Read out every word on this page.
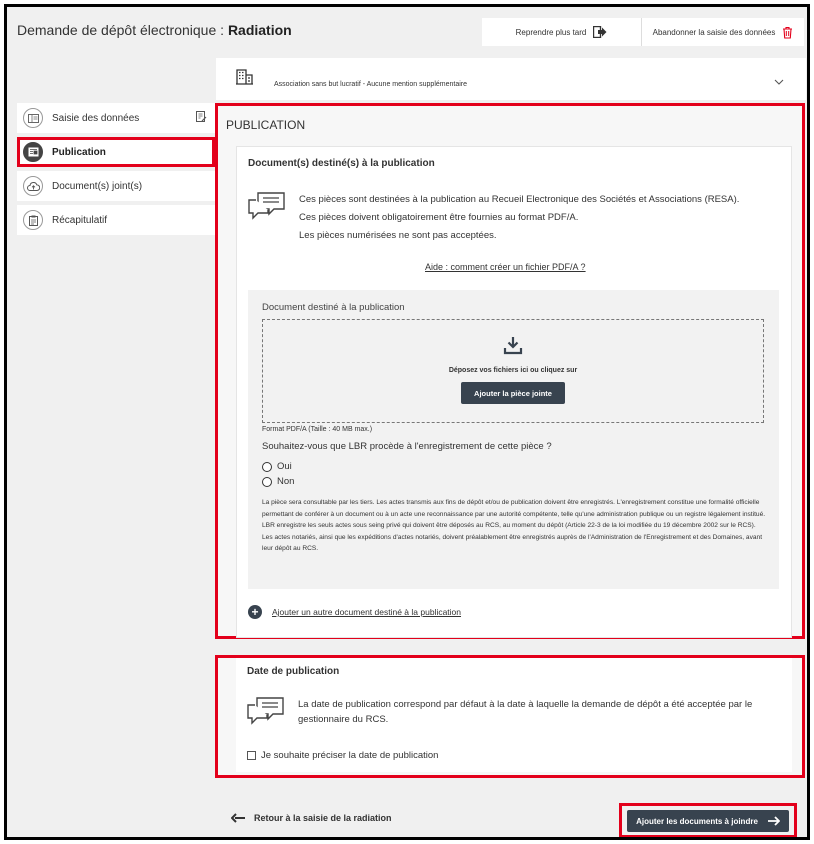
Demande de dépôt électronique : Radiation	Reprendre plus tard	Abandonner la saisie des données
Saisie des données
Publication
Document(s) joint(s)
Récapitulatif
Association sans but lucratif - Aucune mention supplémentaire
PUBLICATION
Document(s) destiné(s) à la publication
Ces pièces sont destinées à la publication au Recueil Electronique des Sociétés et Associations (RESA).
Ces pièces doivent obligatoirement être fournies au format PDF/A.
Les pièces numérisées ne sont pas acceptées.
Aide : comment créer un fichier PDF/A ?
Document destiné à la publication
Déposez vos fichiers ici ou cliquez sur
Ajouter la pièce jointe
Format PDF/A (Taille : 40 MB max.)
Souhaitez-vous que LBR procède à l'enregistrement de cette pièce ?
Oui
Non
La pièce sera consultable par les tiers. Les actes transmis aux fins de dépôt et/ou de publication doivent être enregistrés. L'enregistrement constitue une formalité officielle permettant de conférer à un document ou à un acte une reconnaissance par une autorité compétente, telle qu'une administration publique ou un registre légalement institué. LBR enregistre les seuls actes sous seing privé qui doivent être déposés au RCS, au moment du dépôt (Article 22-3 de la loi modifiée du 19 décembre 2002 sur le RCS). Les actes notariés, ainsi que les expéditions d'actes notariés, doivent préalablement être enregistrés auprès de l'Administration de l'Enregistrement et des Domaines, avant leur dépôt au RCS.
+	Ajouter un autre document destiné à la publication
Date de publication
La date de publication correspond par défaut à la date à laquelle la demande de dépôt a été acceptée par le gestionnaire du RCS.
Je souhaite préciser la date de publication
Retour à la saisie de la radiation	Ajouter les documents à joindre
